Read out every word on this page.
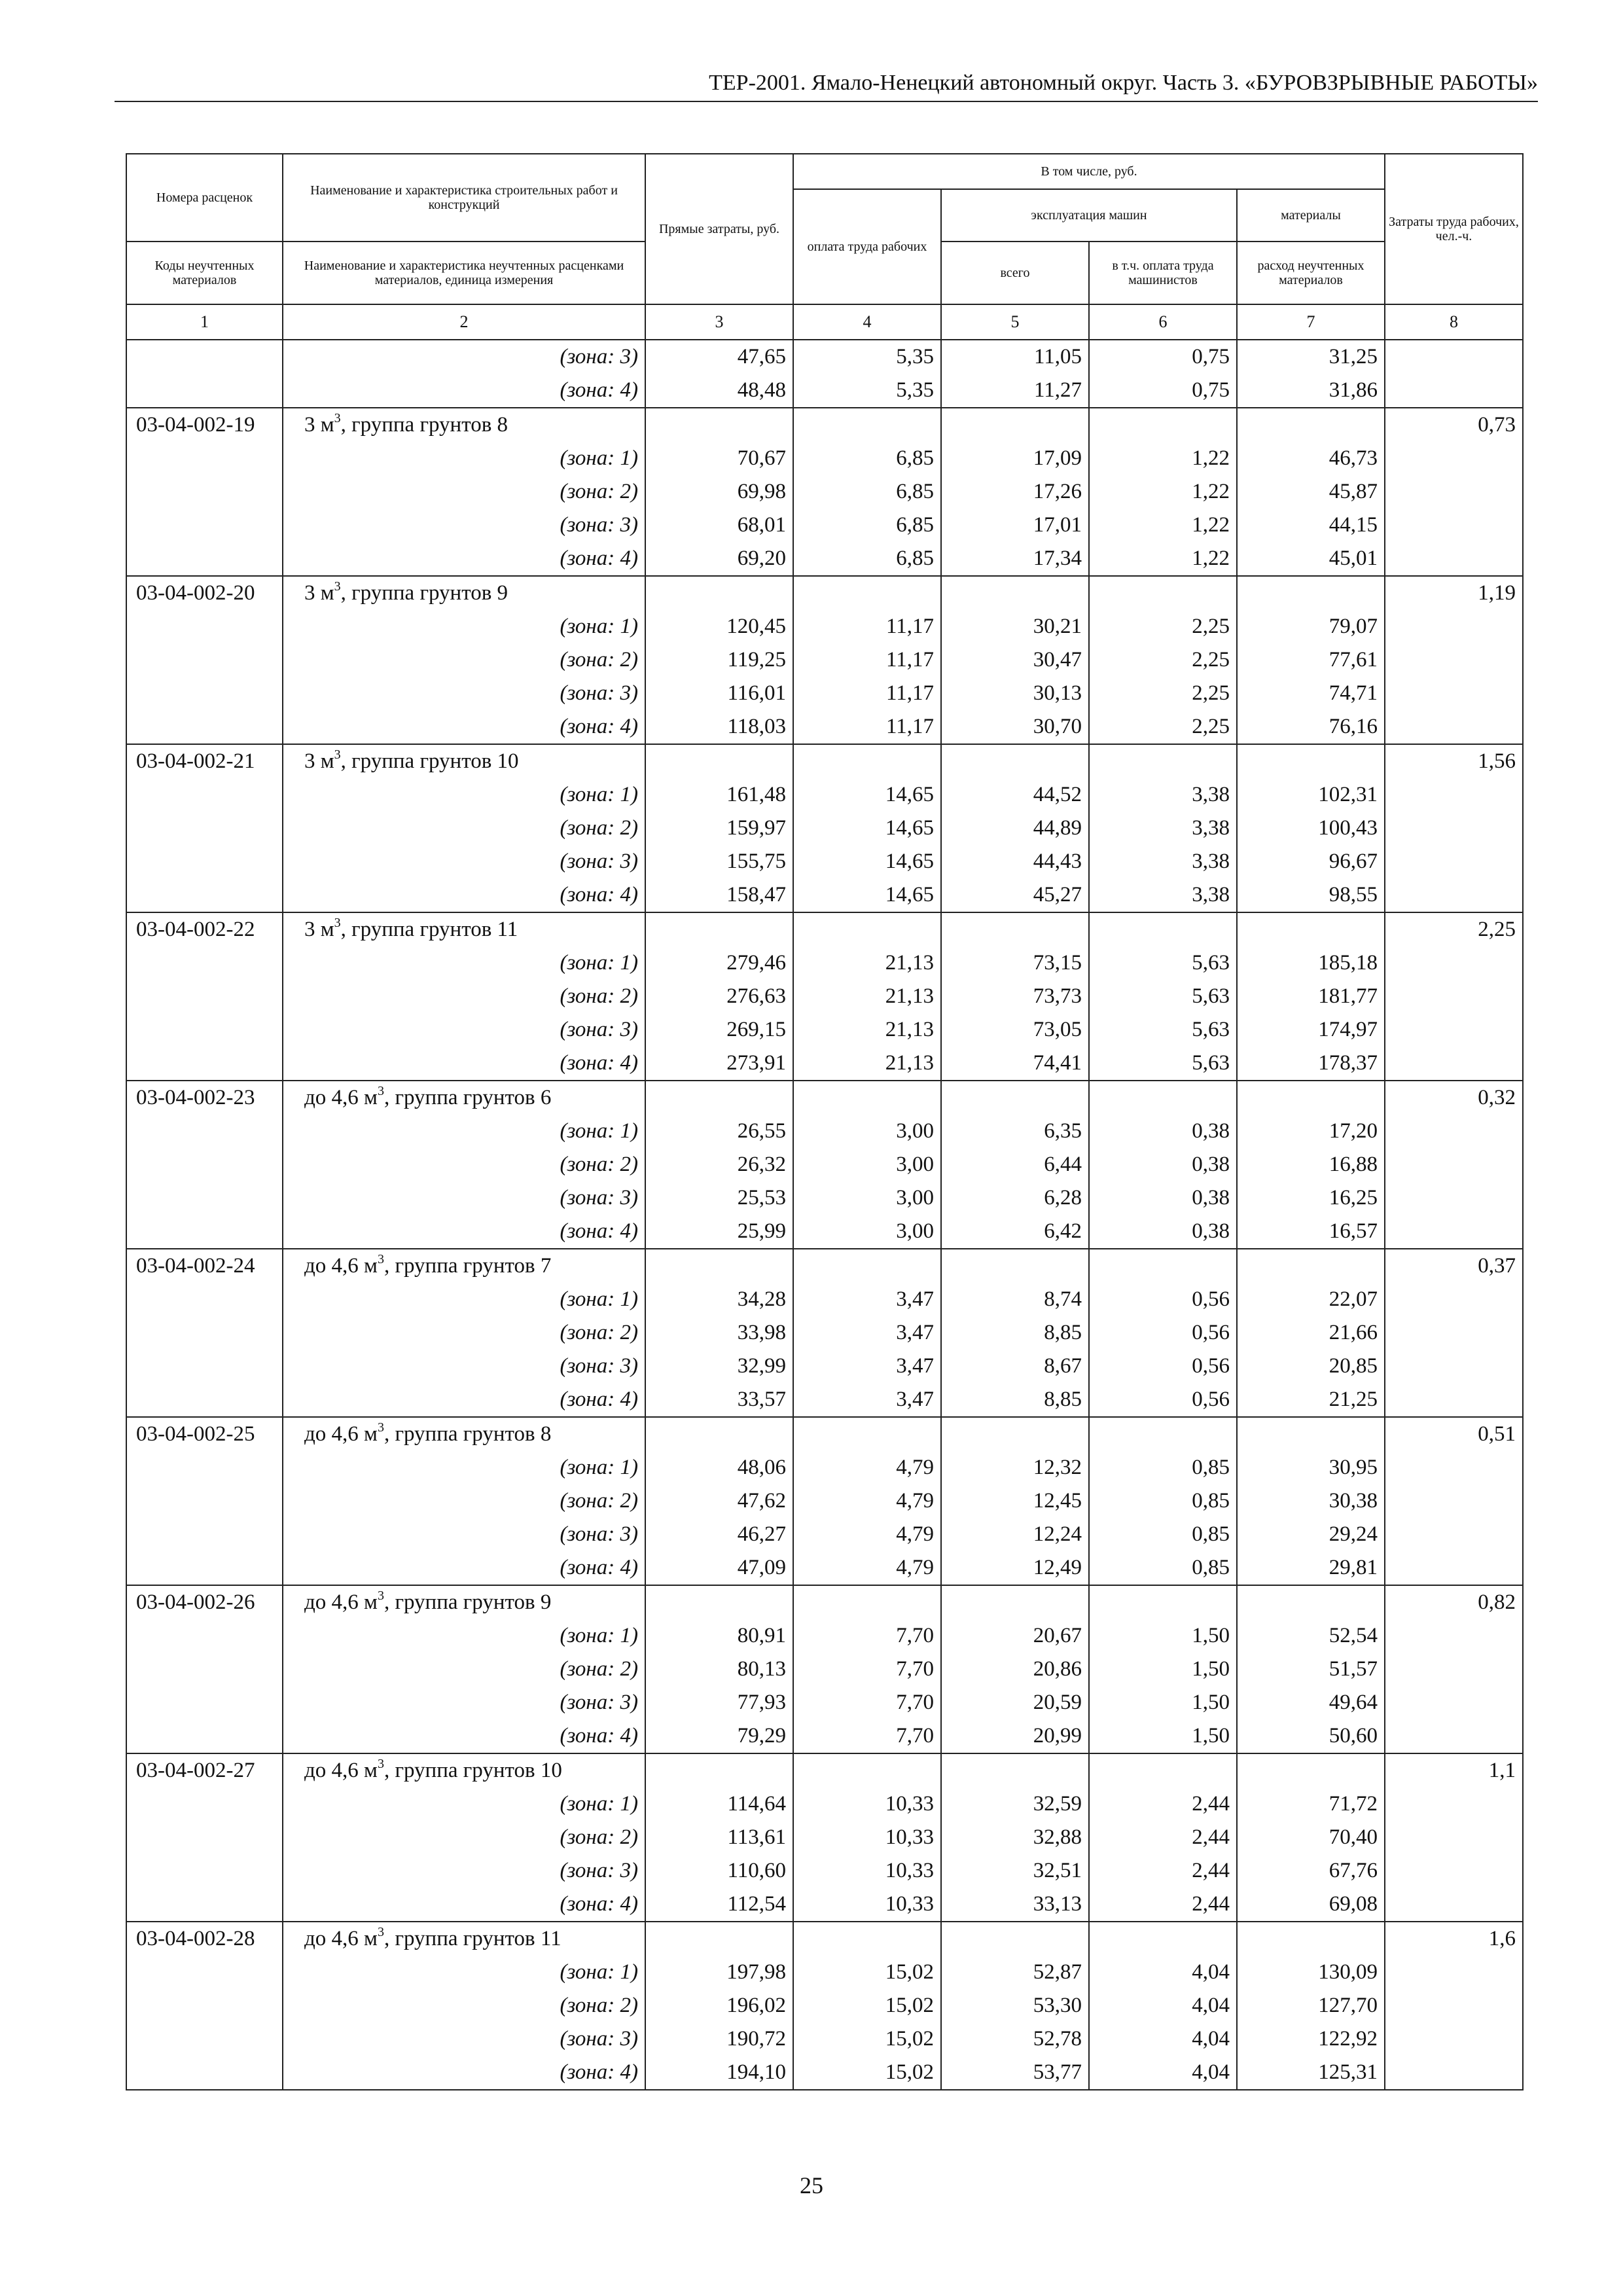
ТЕР-2001. Ямало-Ненецкий автономный округ. Часть 3. «БУРОВЗРЫВНЫЕ РАБОТЫ»
Номера расценок	Наименование и характеристика строительных работ и конструкций	Прямые затраты, руб.	В том числе, руб.				Затраты труда рабочих, чел.-ч.
			оплата труда рабочих	эксплуатация машин		материалы	
Коды неучтенных материалов	Наименование и характеристика неучтенных расценками материалов, единица измерения			всего	в т.ч. оплата труда машинистов	расход неучтенных материалов	
1	2	3	4	5	6	7	8
	(зона: 3)	47,65	5,35	11,05	0,75	31,25	
	(зона: 4)	48,48	5,35	11,27	0,75	31,86	
03-04-002-19	3 $м^3$, группа грунтов 8						0,73
	(зона: 1)	70,67	6,85	17,09	1,22	46,73	
	(зона: 2)	69,98	6,85	17,26	1,22	45,87	
	(зона: 3)	68,01	6,85	17,01	1,22	44,15	
	(зона: 4)	69,20	6,85	17,34	1,22	45,01	
03-04-002-20	3 $м^3$, группа грунтов 9						1,19
	(зона: 1)	120,45	11,17	30,21	2,25	79,07	
	(зона: 2)	119,25	11,17	30,47	2,25	77,61	
	(зона: 3)	116,01	11,17	30,13	2,25	74,71	
	(зона: 4)	118,03	11,17	30,70	2,25	76,16	
03-04-002-21	3 $м^3$, группа грунтов 10						1,56
	(зона: 1)	161,48	14,65	44,52	3,38	102,31	
	(зона: 2)	159,97	14,65	44,89	3,38	100,43	
	(зона: 3)	155,75	14,65	44,43	3,38	96,67	
	(зона: 4)	158,47	14,65	45,27	3,38	98,55	
03-04-002-22	3 $м^3$, группа грунтов 11						2,25
	(зона: 1)	279,46	21,13	73,15	5,63	185,18	
	(зона: 2)	276,63	21,13	73,73	5,63	181,77	
	(зона: 3)	269,15	21,13	73,05	5,63	174,97	
	(зона: 4)	273,91	21,13	74,41	5,63	178,37	
03-04-002-23	до 4,6 $м^3$, группа грунтов 6						0,32
	(зона: 1)	26,55	3,00	6,35	0,38	17,20	
	(зона: 2)	26,32	3,00	6,44	0,38	16,88	
	(зона: 3)	25,53	3,00	6,28	0,38	16,25	
	(зона: 4)	25,99	3,00	6,42	0,38	16,57	
03-04-002-24	до 4,6 $м^3$, группа грунтов 7						0,37
	(зона: 1)	34,28	3,47	8,74	0,56	22,07	
	(зона: 2)	33,98	3,47	8,85	0,56	21,66	
	(зона: 3)	32,99	3,47	8,67	0,56	20,85	
	(зона: 4)	33,57	3,47	8,85	0,56	21,25	
03-04-002-25	до 4,6 $м^3$, группа грунтов 8						0,51
	(зона: 1)	48,06	4,79	12,32	0,85	30,95	
	(зона: 2)	47,62	4,79	12,45	0,85	30,38	
	(зона: 3)	46,27	4,79	12,24	0,85	29,24	
	(зона: 4)	47,09	4,79	12,49	0,85	29,81	
03-04-002-26	до 4,6 $м^3$, группа грунтов 9						0,82
	(зона: 1)	80,91	7,70	20,67	1,50	52,54	
	(зона: 2)	80,13	7,70	20,86	1,50	51,57	
	(зона: 3)	77,93	7,70	20,59	1,50	49,64	
	(зона: 4)	79,29	7,70	20,99	1,50	50,60	
03-04-002-27	до 4,6 $м^3$, группа грунтов 10						1,1
	(зона: 1)	114,64	10,33	32,59	2,44	71,72	
	(зона: 2)	113,61	10,33	32,88	2,44	70,40	
	(зона: 3)	110,60	10,33	32,51	2,44	67,76	
	(зона: 4)	112,54	10,33	33,13	2,44	69,08	
03-04-002-28	до 4,6 $м^3$, группа грунтов 11						1,6
	(зона: 1)	197,98	15,02	52,87	4,04	130,09	
	(зона: 2)	196,02	15,02	53,30	4,04	127,70	
	(зона: 3)	190,72	15,02	52,78	4,04	122,92	
	(зона: 4)	194,10	15,02	53,77	4,04	125,31	
25
